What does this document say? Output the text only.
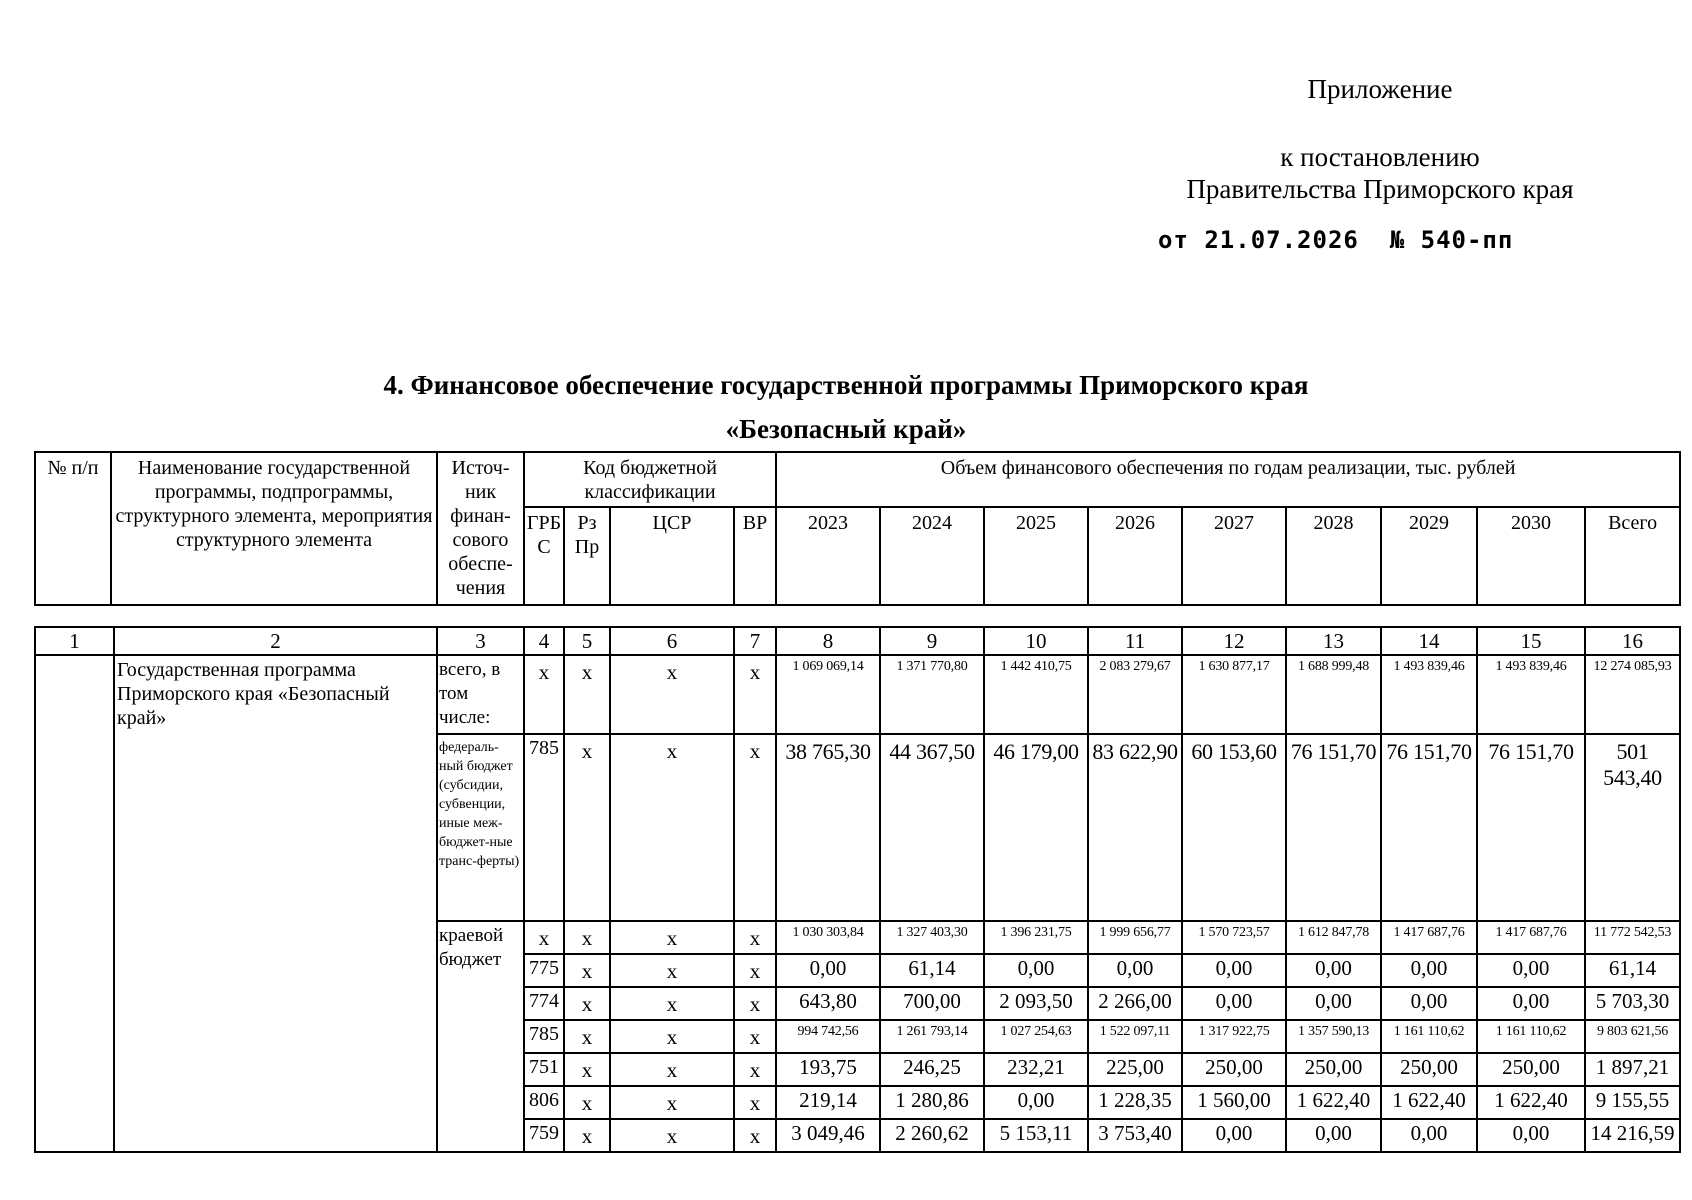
Приложение
к постановлению
Правительства Приморского края
от 21.07.2026  № 540-пп
4. Финансовое обеспечение государственной программы Приморского края
«Безопасный край»
№ п/п	Наименование государственной программы, подпрограммы, структурного элемента, мероприятия структурного элемента	Источ-ник финан-сового обеспе-чения	Код бюджетной классификации				Объем финансового обеспечения по годам реализации, тыс. рублей								
			ГРБ С	Рз Пр	ЦСР	ВР	2023	2024	2025	2026	2027	2028	2029	2030	Всего
1	2	3	4	5	6	7	8	9	10	11	12	13	14	15	16
	Государственная программа Приморского края «Безопасный край»	всего, в том числе:	х	х	х	х	1 069 069,14	1 371 770,80	1 442 410,75	2 083 279,67	1 630 877,17	1 688 999,48	1 493 839,46	1 493 839,46	12 274 085,93
		федераль-ный бюджет (субсидии, субвенции, иные меж-бюджет-ные транс-ферты)	785	х	х	х	38 765,30	44 367,50	46 179,00	83 622,90	60 153,60	76 151,70	76 151,70	76 151,70	501 543,40
		краевой бюджет	х	х	х	х	1 030 303,84	1 327 403,30	1 396 231,75	1 999 656,77	1 570 723,57	1 612 847,78	1 417 687,76	1 417 687,76	11 772 542,53
			775	х	х	х	0,00	61,14	0,00	0,00	0,00	0,00	0,00	0,00	61,14
			774	х	х	х	643,80	700,00	2 093,50	2 266,00	0,00	0,00	0,00	0,00	5 703,30
			785	х	х	х	994 742,56	1 261 793,14	1 027 254,63	1 522 097,11	1 317 922,75	1 357 590,13	1 161 110,62	1 161 110,62	9 803 621,56
			751	х	х	х	193,75	246,25	232,21	225,00	250,00	250,00	250,00	250,00	1 897,21
			806	х	х	х	219,14	1 280,86	0,00	1 228,35	1 560,00	1 622,40	1 622,40	1 622,40	9 155,55
			759	х	х	х	3 049,46	2 260,62	5 153,11	3 753,40	0,00	0,00	0,00	0,00	14 216,59
